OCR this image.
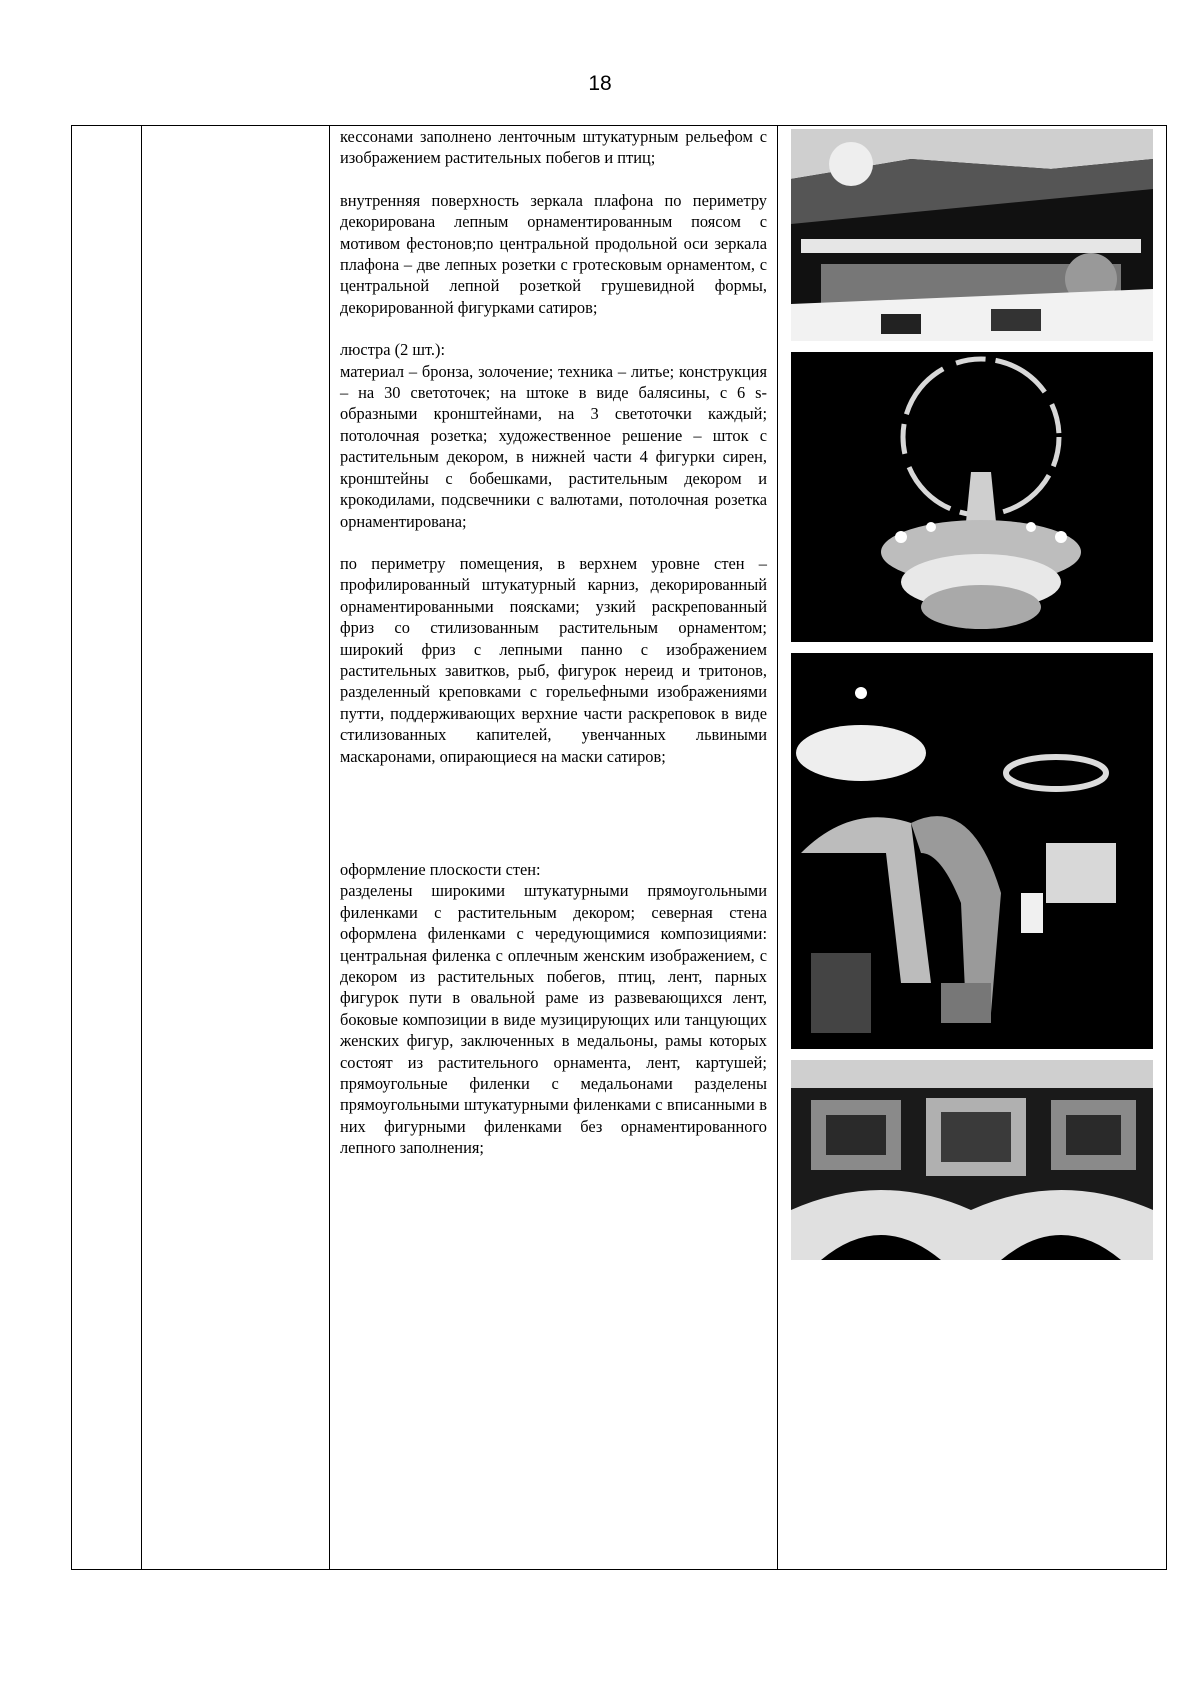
18

кессонами заполнено ленточным штукатурным рельефом с изображением растительных побегов и птиц;

внутренняя поверхность зеркала плафона по периметру декорирована лепным орнаментированным поясом с мотивом фестонов;по центральной продольной оси зеркала плафона – две лепных розетки с гротесковым орнаментом, с центральной лепной розеткой грушевидной формы, декорированной фигурками сатиров;

люстра (2 шт.):

материал – бронза, золочение; техника – литье; конструкция – на 30 светоточек; на штоке в виде балясины, с 6 s-образными кронштейнами, на 3 светоточки каждый; потолочная розетка; художественное решение – шток с растительным декором, в нижней части 4 фигурки сирен, кронштейны с бобешками, растительным декором и крокодилами, подсвечники с валютами, потолочная розетка орнаментирована;

по периметру помещения, в верхнем уровне стен – профилированный штукатурный карниз, декорированный орнаментированными поясками; узкий раскрепованный фриз со стилизованным растительным орнаментом; широкий фриз с лепными панно с изображением растительных завитков, рыб, фигурок нереид и тритонов, разделенный креповками с горельефными изображениями путти, поддерживающих верхние части раскреповок в виде стилизованных капителей, увенчанных львиными маскаронами, опирающиеся на маски сатиров;

оформление плоскости стен:

разделены широкими штукатурными прямоугольными филенками с растительным декором; северная стена оформлена филенками с чередующимися композициями: центральная филенка с оплечным женским изображением, с декором из растительных побегов, птиц, лент, парных фигурок пути в овальной раме из развевающихся лент, боковые композиции в виде музицирующих или танцующих женских фигур, заключенных в медальоны, рамы которых состоят из растительного орнамента, лент, картушей; прямоугольные филенки с медальонами разделены прямоугольными штукатурными филенками с вписанными в них фигурными филенками без орнаментированного лепного заполнения;
